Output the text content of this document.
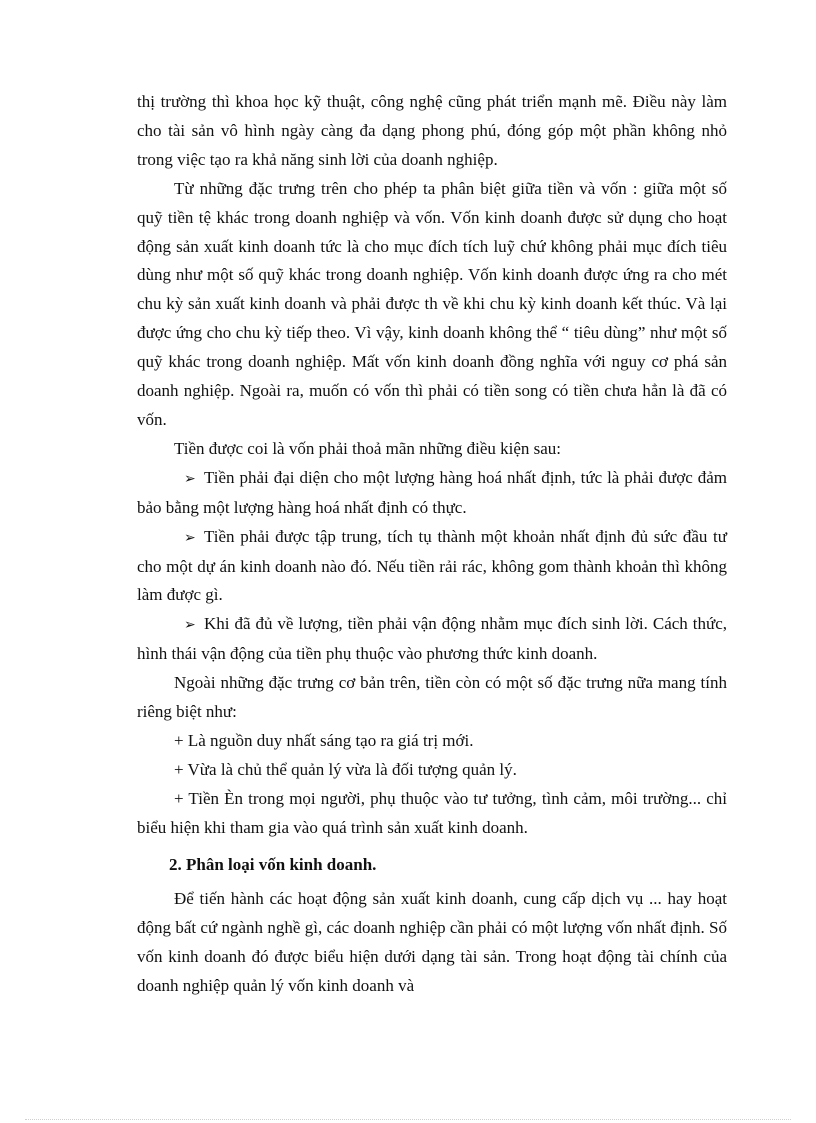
thị trường thì khoa học kỹ thuật, công nghệ cũng phát triển mạnh mẽ. Điều này làm cho tài sản vô hình ngày càng đa dạng phong phú, đóng góp một phần không nhỏ trong việc tạo ra khả năng sinh lời của doanh nghiệp.

Từ những đặc trưng trên cho phép ta phân biệt giữa tiền và vốn : giữa một số quỹ tiền tệ khác trong doanh nghiệp và vốn. Vốn kinh doanh được sử dụng cho hoạt động sản xuất kinh doanh tức là cho mục đích tích luỹ chứ không phải mục đích tiêu dùng như một số quỹ khác trong doanh nghiệp. Vốn kinh doanh được ứng ra cho mét chu kỳ sản xuất kinh doanh và phải được th về khi chu kỳ kinh doanh kết thúc. Và lại được ứng cho chu kỳ tiếp theo. Vì vậy, kinh doanh không thể “ tiêu dùng” như một số quỹ khác trong doanh nghiệp. Mất vốn kinh doanh đồng nghĩa với nguy cơ phá sản doanh nghiệp. Ngoài ra, muốn có vốn thì phải có tiền song có tiền chưa hẳn là đã có vốn.

Tiền được coi là vốn phải thoả mãn những điều kiện sau:

➢ Tiền phải đại diện cho một lượng hàng hoá nhất định, tức là phải được đảm bảo bằng một lượng hàng hoá nhất định có thực.

➢ Tiền phải được tập trung, tích tụ thành một khoản nhất định đủ sức đầu tư cho một dự án kinh doanh nào đó. Nếu tiền rải rác, không gom thành khoản thì không làm được gì.

➢ Khi đã đủ về lượng, tiền phải vận động nhằm mục đích sinh lời. Cách thức, hình thái vận động của tiền phụ thuộc vào phương thức kinh doanh.

Ngoài những đặc trưng cơ bản trên, tiền còn có một số đặc trưng nữa mang tính riêng biệt như:

+ Là nguồn duy nhất sáng tạo ra giá trị mới.

+ Vừa là chủ thể quản lý vừa là đối tượng quản lý.

+ Tiền Èn trong mọi người, phụ thuộc vào tư tưởng, tình cảm, môi trường... chỉ biểu hiện khi tham gia vào quá trình sản xuất kinh doanh.

2. Phân loại vốn kinh doanh.

Để tiến hành các hoạt động sản xuất kinh doanh, cung cấp dịch vụ ... hay hoạt động bất cứ ngành nghề gì, các doanh nghiệp cần phải có một lượng vốn nhất định. Số vốn kinh doanh đó được biểu hiện dưới dạng tài sản. Trong hoạt động tài chính của doanh nghiệp quản lý vốn kinh doanh và
